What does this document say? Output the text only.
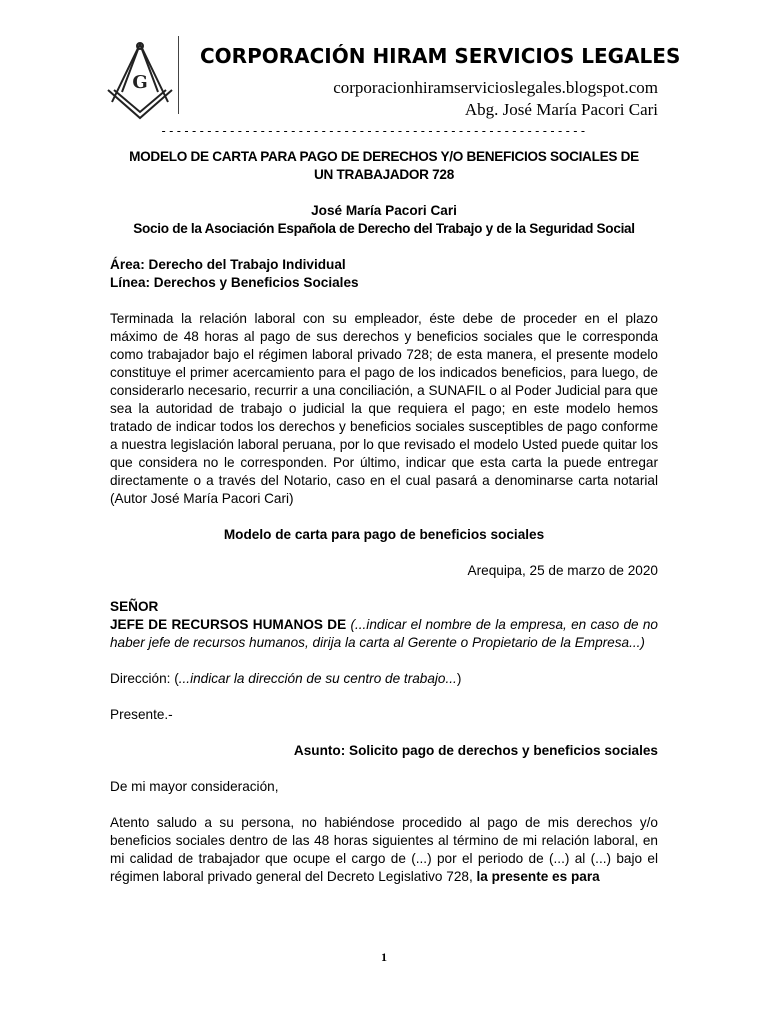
G
CORPORACIÓN HIRAM SERVICIOS LEGALES
corporacionhiramservicioslegales.blogspot.com
Abg. José María Pacori Cari
--------------------------------------------------------
MODELO DE CARTA PARA PAGO DE DERECHOS Y/O BENEFICIOS SOCIALES DE
UN TRABAJADOR 728
José María Pacori Cari
Socio de la Asociación Española de Derecho del Trabajo y de la Seguridad Social
Área: Derecho del Trabajo Individual
Línea: Derechos y Beneficios Sociales
Terminada la relación laboral con su empleador, éste debe de proceder en el plazo máximo de 48 horas al pago de sus derechos y beneficios sociales que le corresponda como trabajador bajo el régimen laboral privado 728; de esta manera, el presente modelo constituye el primer acercamiento para el pago de los indicados beneficios, para luego, de considerarlo necesario, recurrir a una conciliación, a SUNAFIL o al Poder Judicial para que sea la autoridad de trabajo o judicial la que requiera el pago; en este modelo hemos tratado de indicar todos los derechos y beneficios sociales susceptibles de pago conforme a nuestra legislación laboral peruana, por lo que revisado el modelo Usted puede quitar los que considera no le corresponden. Por último, indicar que esta carta la puede entregar directamente o a través del Notario, caso en el cual pasará a denominarse carta notarial (Autor José María Pacori Cari)
Modelo de carta para pago de beneficios sociales
Arequipa, 25 de marzo de 2020
SEÑOR
JEFE DE RECURSOS HUMANOS DE (...indicar el nombre de la empresa, en caso de no haber jefe de recursos humanos, dirija la carta al Gerente o Propietario de la Empresa...)
Dirección: (...indicar la dirección de su centro de trabajo...)
Presente.-
Asunto: Solicito pago de derechos y beneficios sociales
De mi mayor consideración,
Atento saludo a su persona, no habiéndose procedido al pago de mis derechos y/o beneficios sociales dentro de las 48 horas siguientes al término de mi relación laboral, en mi calidad de trabajador que ocupe el cargo de (...) por el periodo de (...) al (...) bajo el régimen laboral privado general del Decreto Legislativo 728, la presente es para
1
